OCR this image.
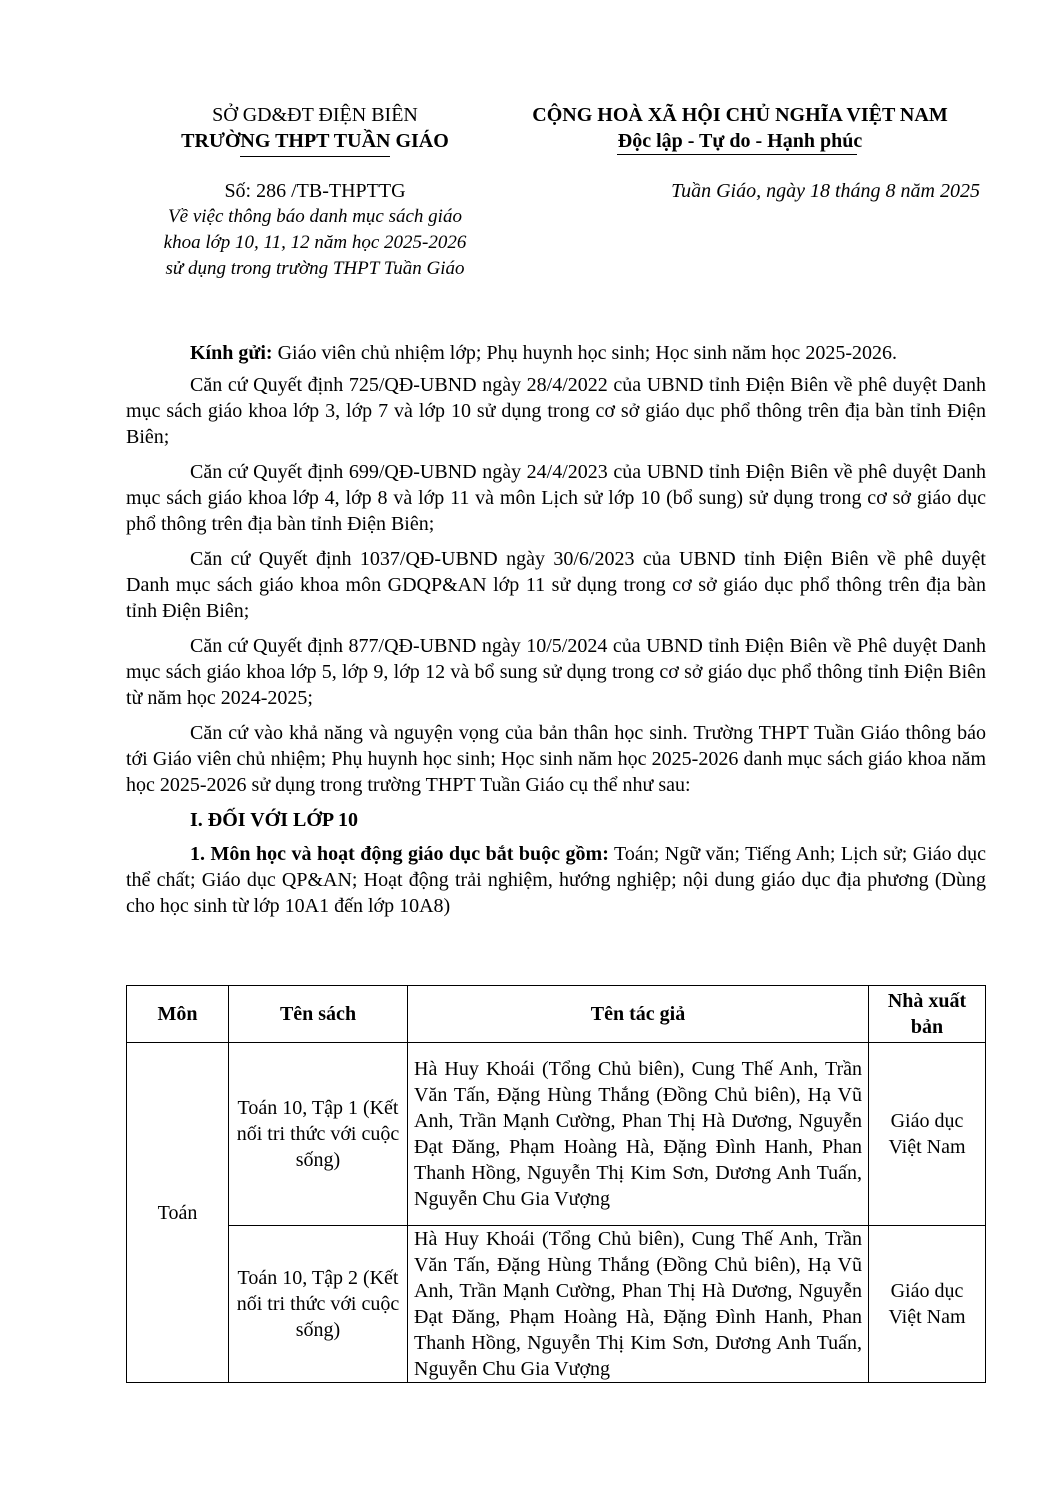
SỞ GD&ĐT ĐIỆN BIÊN
TRƯỜNG THPT TUẦN GIÁO
CỘNG HOÀ XÃ HỘI CHỦ NGHĨA VIỆT NAM
Độc lập - Tự do - Hạnh phúc
Số: 286 /TB-THPTTG
Về việc thông báo danh mục sách giáo
khoa lớp 10, 11, 12 năm học 2025-2026
sử dụng trong trường THPT Tuần Giáo
Tuần Giáo, ngày 18 tháng 8 năm 2025

Kính gửi: Giáo viên chủ nhiệm lớp; Phụ huynh học sinh; Học sinh năm học 2025-2026.

Căn cứ Quyết định 725/QĐ-UBND ngày 28/4/2022 của UBND tỉnh Điện Biên về phê duyệt Danh mục sách giáo khoa lớp 3, lớp 7 và lớp 10 sử dụng trong cơ sở giáo dục phổ thông trên địa bàn tỉnh Điện Biên;

Căn cứ Quyết định 699/QĐ-UBND ngày 24/4/2023 của UBND tỉnh Điện Biên về phê duyệt Danh mục sách giáo khoa lớp 4, lớp 8 và lớp 11 và môn Lịch sử lớp 10 (bổ sung) sử dụng trong cơ sở giáo dục phổ thông trên địa bàn tỉnh Điện Biên;

Căn cứ Quyết định 1037/QĐ-UBND ngày 30/6/2023 của UBND tỉnh Điện Biên về phê duyệt Danh mục sách giáo khoa môn GDQP&AN lớp 11 sử dụng trong cơ sở giáo dục phổ thông trên địa bàn tỉnh Điện Biên;

Căn cứ Quyết định 877/QĐ-UBND ngày 10/5/2024 của UBND tỉnh Điện Biên về Phê duyệt Danh mục sách giáo khoa lớp 5, lớp 9, lớp 12 và bổ sung sử dụng trong cơ sở giáo dục phổ thông tỉnh Điện Biên từ năm học 2024-2025;

Căn cứ vào khả năng và nguyện vọng của bản thân học sinh. Trường THPT Tuần Giáo thông báo tới Giáo viên chủ nhiệm; Phụ huynh học sinh; Học sinh năm học 2025-2026 danh mục sách giáo khoa năm học 2025-2026 sử dụng trong trường THPT Tuần Giáo cụ thể như sau:

I. ĐỐI VỚI LỚP 10

1. Môn học và hoạt động giáo dục bắt buộc gồm: Toán; Ngữ văn; Tiếng Anh; Lịch sử; Giáo dục thể chất; Giáo dục QP&AN; Hoạt động trải nghiệm, hướng nghiệp; nội dung giáo dục địa phương (Dùng cho học sinh từ lớp 10A1 đến lớp 10A8)

Môn	Tên sách	Tên tác giả	Nhà xuất bản
Toán	Toán 10, Tập 1 (Kết nối tri thức với cuộc sống)	Hà Huy Khoái (Tổng Chủ biên), Cung Thế Anh, Trần Văn Tấn, Đặng Hùng Thắng (Đồng Chủ biên), Hạ Vũ Anh, Trần Mạnh Cường, Phan Thị Hà Dương, Nguyễn Đạt Đăng, Phạm Hoàng Hà, Đặng Đình Hanh, Phan Thanh Hồng, Nguyễn Thị Kim Sơn, Dương Anh Tuấn, Nguyễn Chu Gia Vượng	Giáo dục Việt Nam
	Toán 10, Tập 2 (Kết nối tri thức với cuộc sống)	Hà Huy Khoái (Tổng Chủ biên), Cung Thế Anh, Trần Văn Tấn, Đặng Hùng Thắng (Đồng Chủ biên), Hạ Vũ Anh, Trần Mạnh Cường, Phan Thị Hà Dương, Nguyễn Đạt Đăng, Phạm Hoàng Hà, Đặng Đình Hanh, Phan Thanh Hồng, Nguyễn Thị Kim Sơn, Dương Anh Tuấn, Nguyễn Chu Gia Vượng	Giáo dục Việt Nam
